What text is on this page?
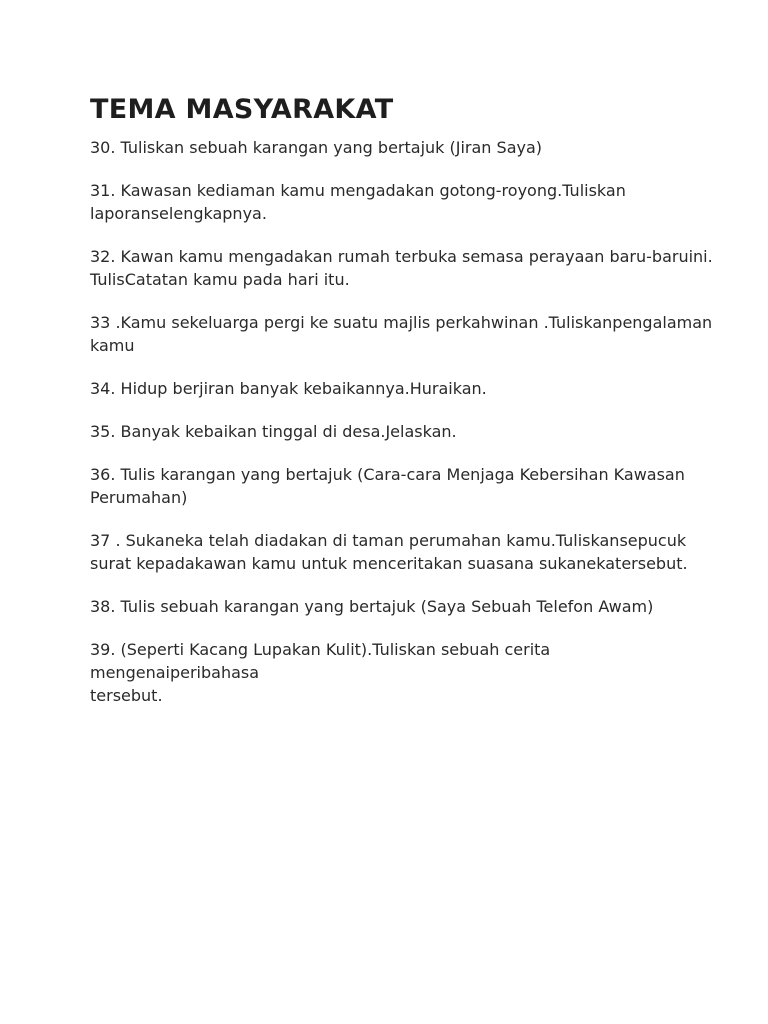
TEMA MASYARAKAT

30. Tuliskan sebuah karangan yang bertajuk (Jiran Saya)

31. Kawasan kediaman kamu mengadakan gotong-royong.Tuliskan
laporanselengkapnya.

32. Kawan kamu mengadakan rumah terbuka semasa perayaan baru-baruini.
TulisCatatan kamu pada hari itu.

33 .Kamu sekeluarga pergi ke suatu majlis perkahwinan .Tuliskanpengalaman
kamu

34. Hidup berjiran banyak kebaikannya.Huraikan.

35. Banyak kebaikan tinggal di desa.Jelaskan.

36. Tulis karangan yang bertajuk (Cara-cara Menjaga Kebersihan Kawasan
Perumahan)

37 . Sukaneka telah diadakan di taman perumahan kamu.Tuliskansepucuk
surat kepadakawan kamu untuk menceritakan suasana sukanekatersebut.

38. Tulis sebuah karangan yang bertajuk (Saya Sebuah Telefon Awam)

39. (Seperti Kacang Lupakan Kulit).Tuliskan sebuah cerita mengenaiperibahasa
tersebut.
